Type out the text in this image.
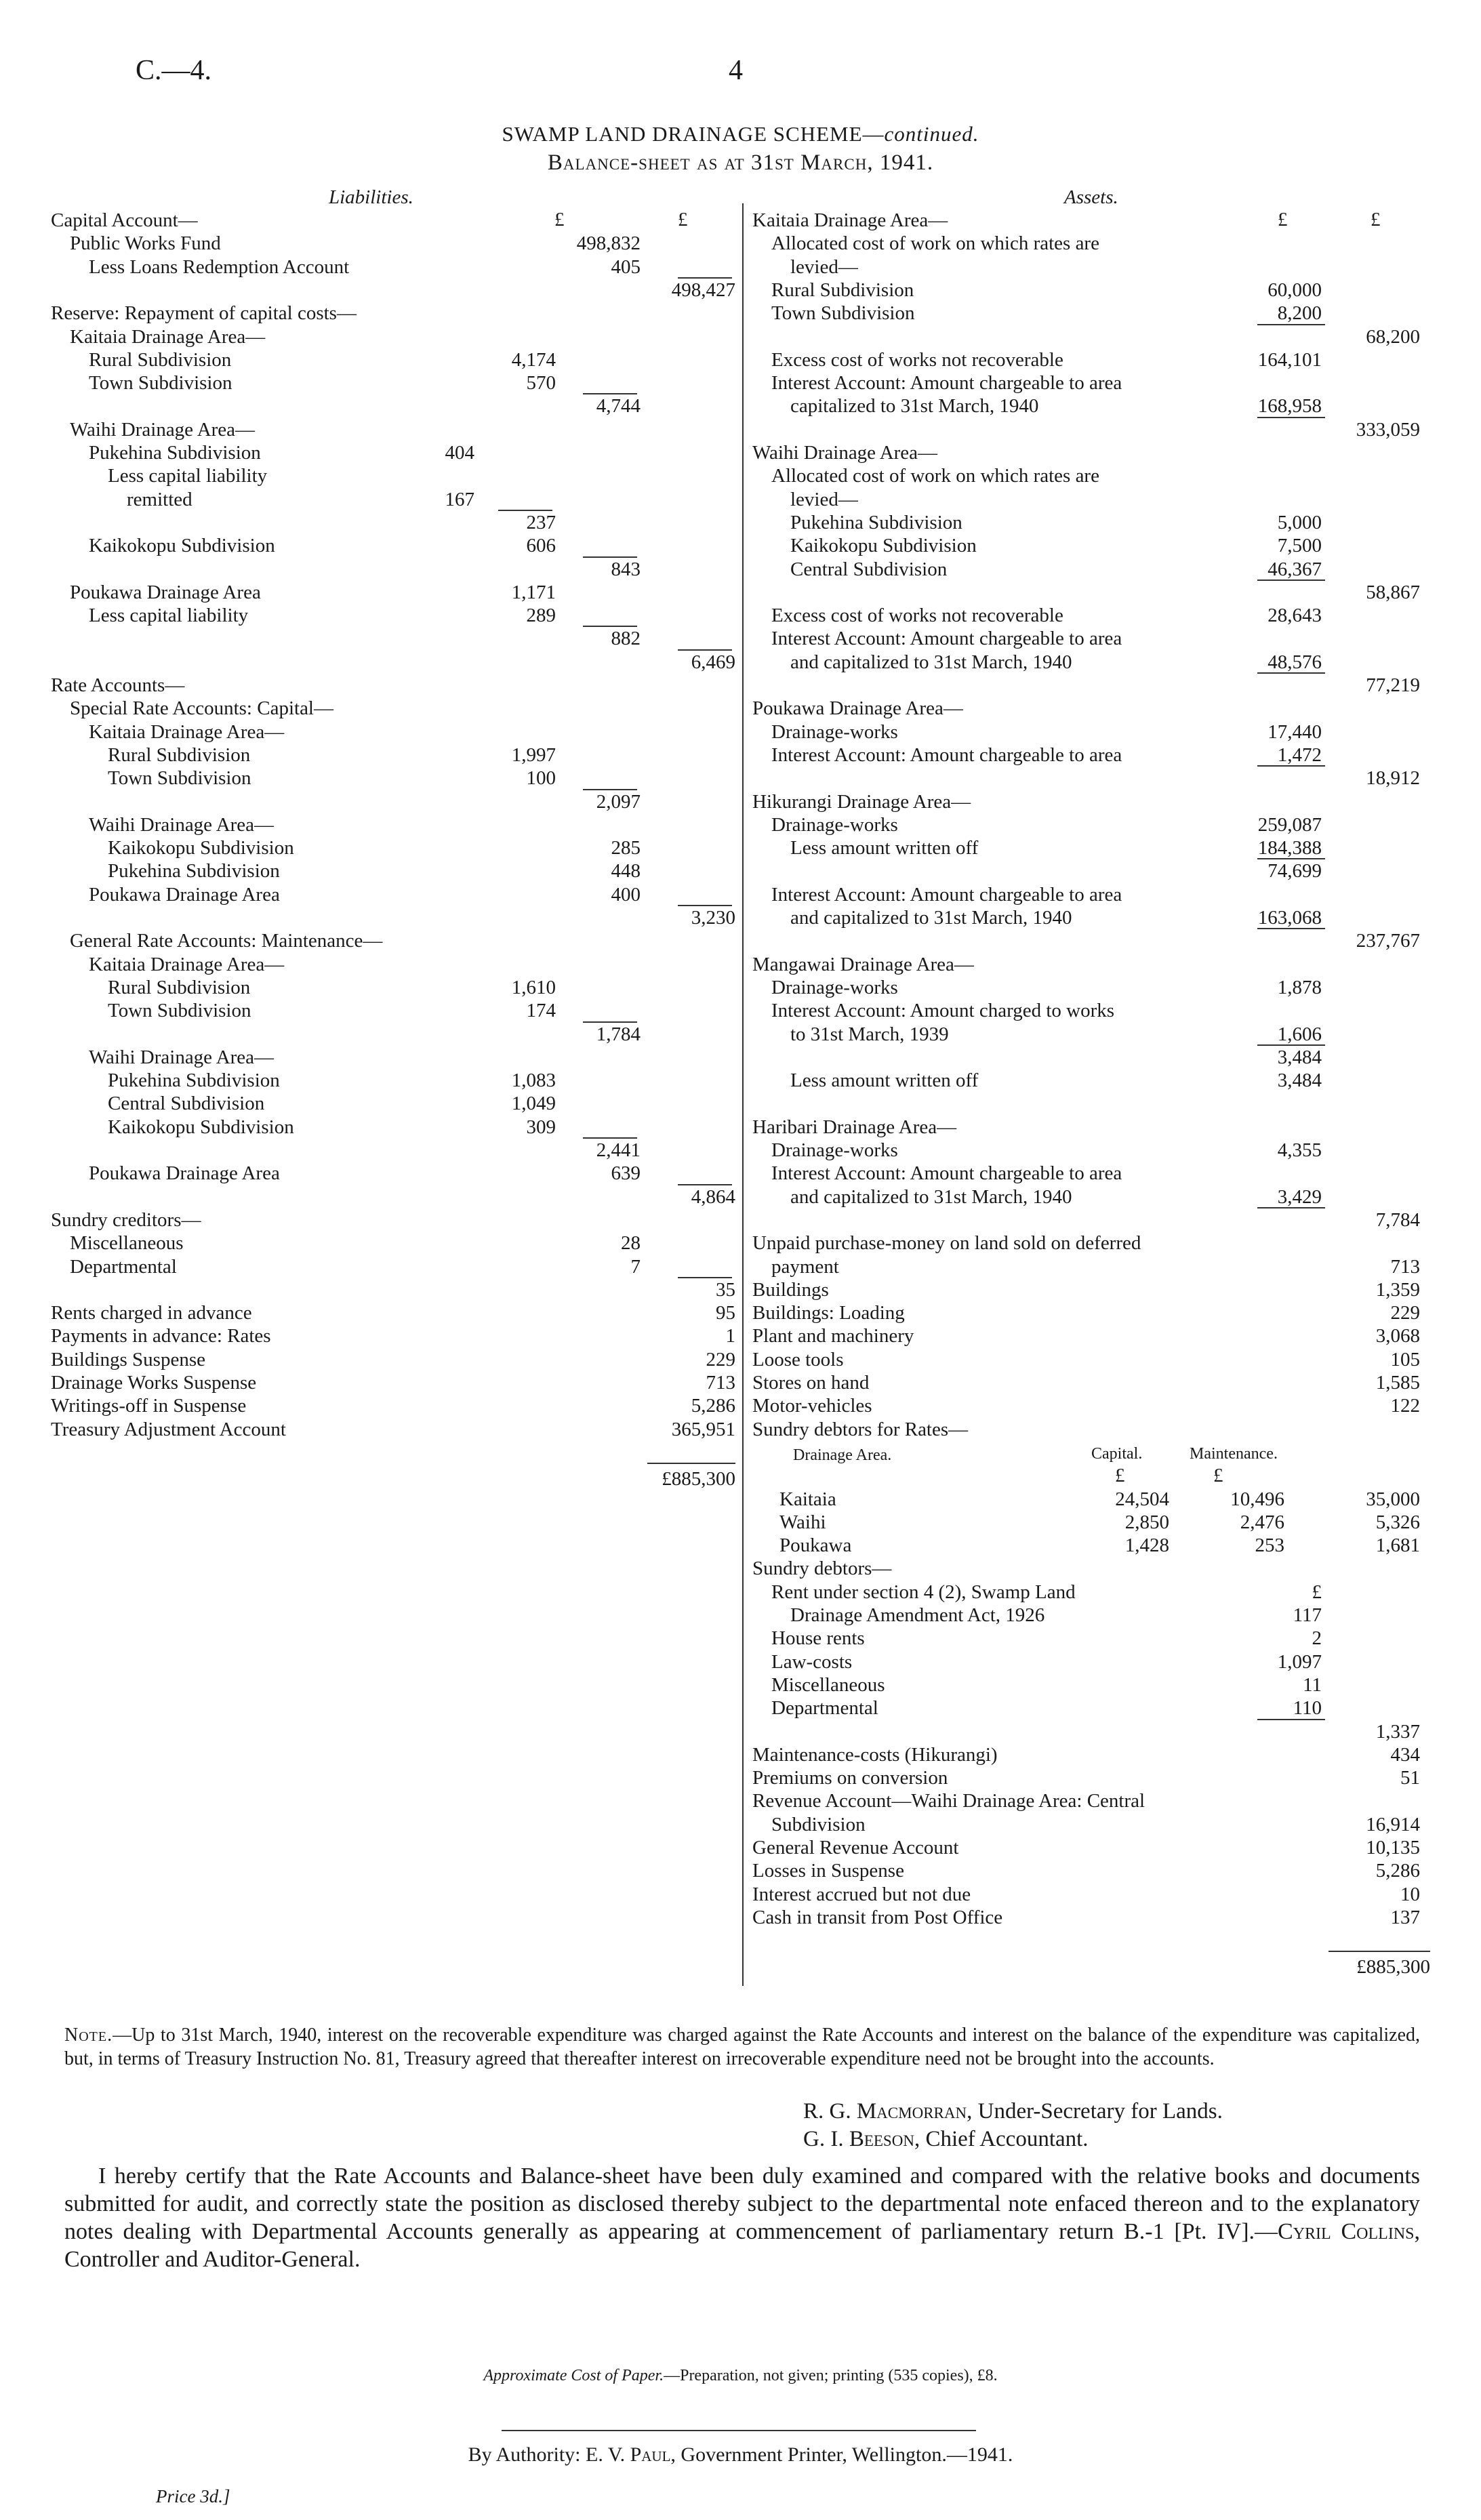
C.—4.	4
SWAMP LAND DRAINAGE SCHEME—continued.
Balance-sheet as at 31st March, 1941.
Liabilities.
£	£
Capital Account—
Public Works Fund	498,832
Less Loans Redemption Account	405
498,427
Reserve: Repayment of capital costs—
Kaitaia Drainage Area—
Rural Subdivision	4,174
Town Subdivision	570
4,744
Waihi Drainage Area—
Pukehina Subdivision	404
Less capital liability
remitted	167
237
Kaikokopu Subdivision	606
843
Poukawa Drainage Area	1,171
Less capital liability	289
882
6,469
Rate Accounts—
Special Rate Accounts: Capital—
Kaitaia Drainage Area—
Rural Subdivision	1,997
Town Subdivision	100
2,097
Waihi Drainage Area—
Kaikokopu Subdivision	285
Pukehina Subdivision	448
Poukawa Drainage Area	400
3,230
General Rate Accounts: Maintenance—
Kaitaia Drainage Area—
Rural Subdivision	1,610
Town Subdivision	174
1,784
Waihi Drainage Area—
Pukehina Subdivision	1,083
Central Subdivision	1,049
Kaikokopu Subdivision	309
2,441
Poukawa Drainage Area	639
4,864
Sundry creditors—
Miscellaneous	28
Departmental	7
35
Rents charged in advance	95
Payments in advance: Rates	1
Buildings Suspense	229
Drainage Works Suspense	713
Writings-off in Suspense	5,286
Treasury Adjustment Account	365,951
£885,300
Assets.
£	£
Kaitaia Drainage Area—
Allocated cost of work on which rates are
levied—
Rural Subdivision	60,000
Town Subdivision	8,200
68,200
Excess cost of works not recoverable	164,101
Interest Account: Amount chargeable to area
capitalized to 31st March, 1940	168,958
333,059
Waihi Drainage Area—
Allocated cost of work on which rates are
levied—
Pukehina Subdivision	5,000
Kaikokopu Subdivision	7,500
Central Subdivision	46,367
58,867
Excess cost of works not recoverable	28,643
Interest Account: Amount chargeable to area
and capitalized to 31st March, 1940	48,576
77,219
Poukawa Drainage Area—
Drainage-works	17,440
Interest Account: Amount chargeable to area	1,472
18,912
Hikurangi Drainage Area—
Drainage-works	259,087
Less amount written off	184,388
74,699
Interest Account: Amount chargeable to area
and capitalized to 31st March, 1940	163,068
237,767
Mangawai Drainage Area—
Drainage-works	1,878
Interest Account: Amount charged to works
to 31st March, 1939	1,606
3,484
Less amount written off	3,484
Haribari Drainage Area—
Drainage-works	4,355
Interest Account: Amount chargeable to area
and capitalized to 31st March, 1940	3,429
7,784
Unpaid purchase-money on land sold on deferred
payment	713
Buildings	1,359
Buildings: Loading	229
Plant and machinery	3,068
Loose tools	105
Stores on hand	1,585
Motor-vehicles	122
Sundry debtors for Rates—
Drainage Area.	Capital.	Maintenance.
£	£
Kaitaia	24,504	10,496	35,000
Waihi	2,850	2,476	5,326
Poukawa	1,428	253	1,681
Sundry debtors—
Rent under section 4 (2), Swamp Land	£
Drainage Amendment Act, 1926	117
House rents	2
Law-costs	1,097
Miscellaneous	11
Departmental	110
1,337
Maintenance-costs (Hikurangi)	434
Premiums on conversion	51
Revenue Account—Waihi Drainage Area: Central
Subdivision	16,914
General Revenue Account	10,135
Losses in Suspense	5,286
Interest accrued but not due	10
Cash in transit from Post Office	137
£885,300
Note.—Up to 31st March, 1940, interest on the recoverable expenditure was charged against the Rate Accounts and interest on the balance of the expenditure was capitalized, but, in terms of Treasury Instruction No. 81, Treasury agreed that thereafter interest on irrecoverable expenditure need not be brought into the accounts.
R. G. Macmorran, Under-Secretary for Lands.
G. I. Beeson, Chief Accountant.
I hereby certify that the Rate Accounts and Balance-sheet have been duly examined and compared with the relative books and documents submitted for audit, and correctly state the position as disclosed thereby subject to the departmental note enfaced thereon and to the explanatory notes dealing with Departmental Accounts generally as appearing at commencement of parliamentary return B.-1 [Pt. IV].—Cyril Collins, Controller and Auditor-General.
Approximate Cost of Paper.—Preparation, not given; printing (535 copies), £8.
By Authority: E. V. Paul, Government Printer, Wellington.—1941.
Price 3d.]
